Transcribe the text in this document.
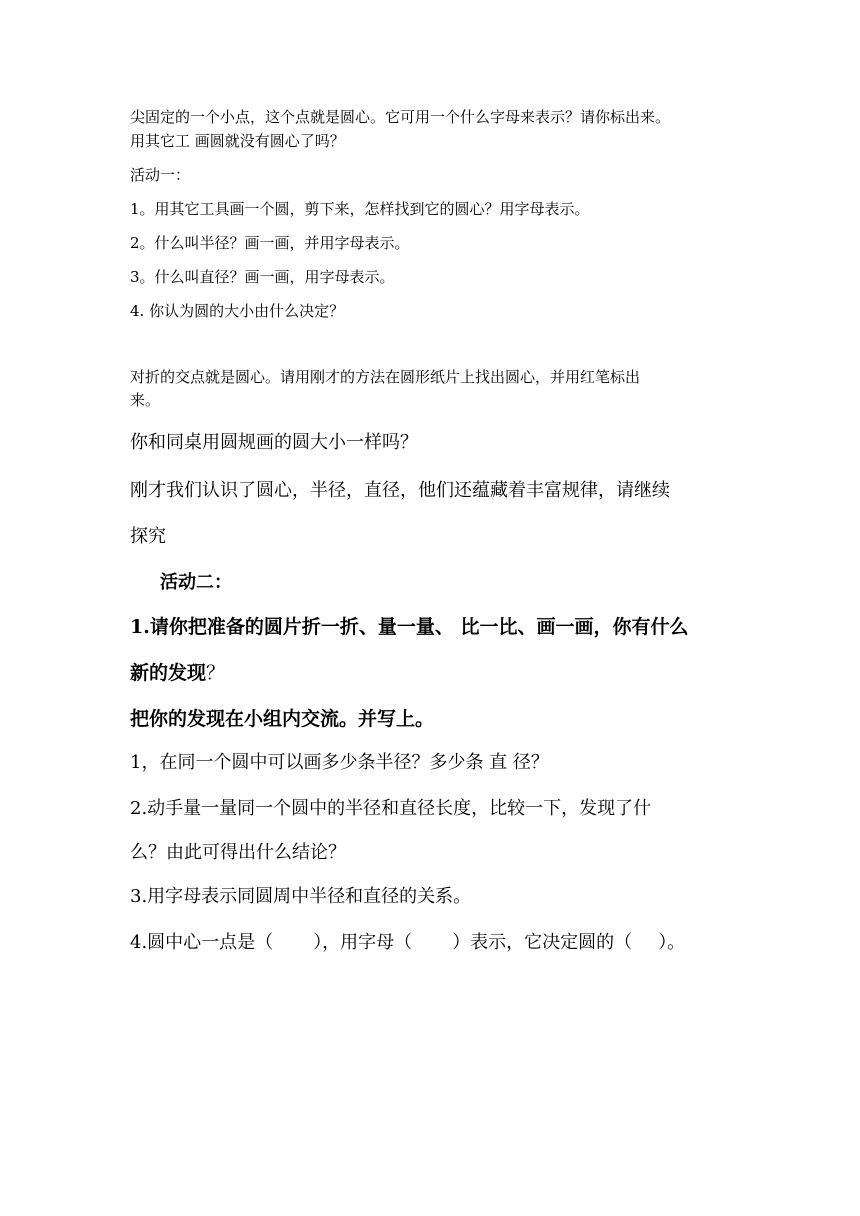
尖固定的一个小点，这个点就是圆心。它可用一个什么字母来表示？请你标出来。
用其它工 画圆就没有圆心了吗？
活动一：
1。用其它工具画一个圆，剪下来，怎样找到它的圆心？用字母表示。
2。什么叫半径？画一画，并用字母表示。
3。什么叫直径？画一画，用字母表示。
4. 你认为圆的大小由什么决定？
对折的交点就是圆心。请用刚才的方法在圆形纸片上找出圆心，并用红笔标出
来。
你和同桌用圆规画的圆大小一样吗？
刚才我们认识了圆心，半径，直径，他们还蕴藏着丰富规律，请继续
探究
活动二：
1.请你把准备的圆片折一折、量一量、 比一比、画一画，你有什么
新的发现？
把你的发现在小组内交流。并写上。
1，在同一个圆中可以画多少条半径？多少条 直 径？
2.动手量一量同一个圆中的半径和直径长度，比较一下，发现了什
么？由此可得出什么结论？
3.用字母表示同圆周中半径和直径的关系。
4.圆中心一点是（ ），用字母（ ）表示，它决定圆的（ ）。
